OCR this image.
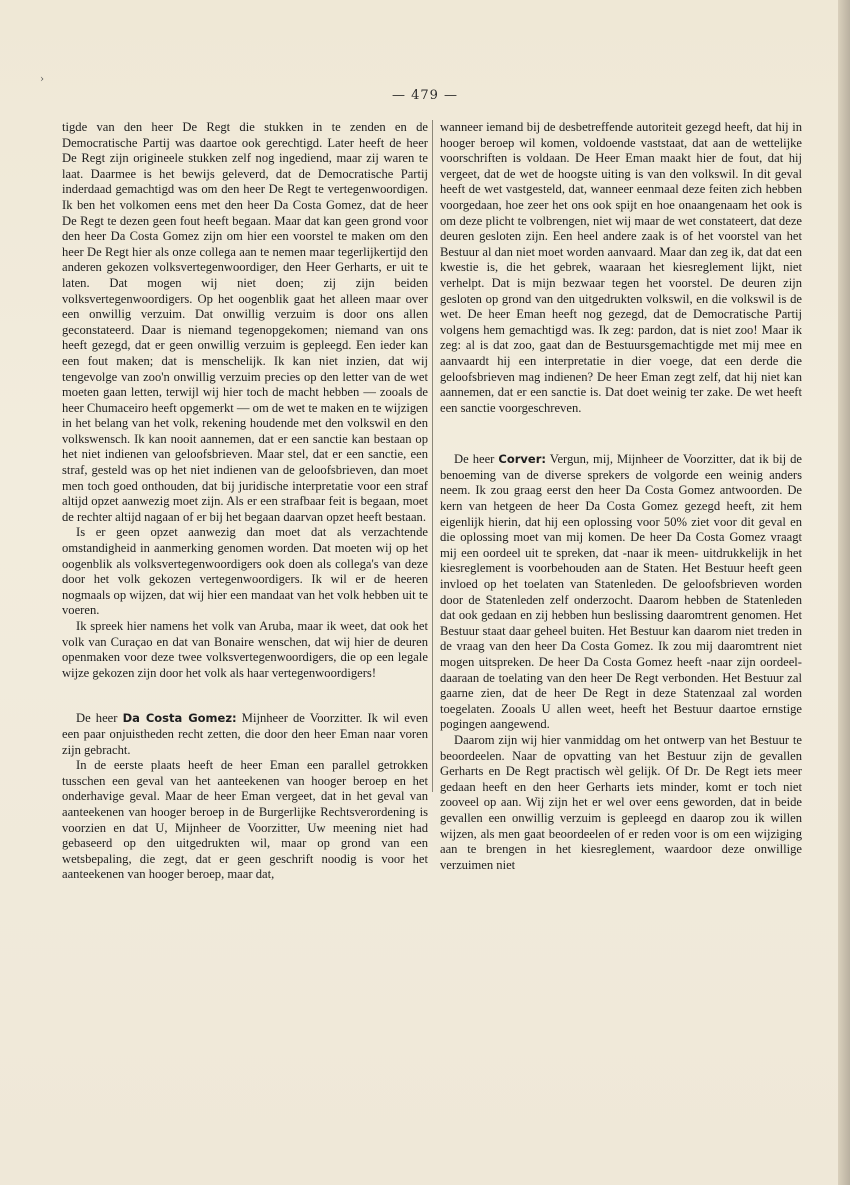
›
— 479 —

tigde van den heer De Regt die stukken in te zenden en de Democratische Partij was daartoe ook gerechtigd. Later heeft de heer De Regt zijn origineele stukken zelf nog ingediend, maar zij waren te laat. Daarmee is het bewijs geleverd, dat de Democratische Partij inderdaad gemachtigd was om den heer De Regt te vertegenwoordigen. Ik ben het volkomen eens met den heer Da Costa Gomez, dat de heer De Regt te dezen geen fout heeft begaan. Maar dat kan geen grond voor den heer Da Costa Gomez zijn om hier een voorstel te maken om den heer De Regt hier als onze collega aan te nemen maar tegerlijkertijd den anderen gekozen volksvertegenwoordiger, den Heer Gerharts, er uit te laten. Dat mogen wij niet doen; zij zijn beiden volksvertegenwoordigers. Op het oogenblik gaat het alleen maar over een onwillig verzuim. Dat onwillig verzuim is door ons allen geconstateerd. Daar is niemand tegenopgekomen; niemand van ons heeft gezegd, dat er geen onwillig verzuim is gepleegd. Een ieder kan een fout maken; dat is menschelijk. Ik kan niet inzien, dat wij tengevolge van zoo'n onwillig verzuim precies op den letter van de wet moeten gaan letten, terwijl wij hier toch de macht hebben — zooals de heer Chumaceiro heeft opgemerkt — om de wet te maken en te wijzigen in het belang van het volk, rekening houdende met den volkswil en den volkswensch. Ik kan nooit aannemen, dat er een sanctie kan bestaan op het niet indienen van geloofsbrieven. Maar stel, dat er een sanctie, een straf, gesteld was op het niet indienen van de geloofsbrieven, dan moet men toch goed onthouden, dat bij juridische interpretatie voor een straf altijd opzet aanwezig moet zijn. Als er een strafbaar feit is begaan, moet de rechter altijd nagaan of er bij het begaan daarvan opzet heeft bestaan.

Is er geen opzet aanwezig dan moet dat als verzachtende omstandigheid in aanmerking genomen worden. Dat moeten wij op het oogenblik als volksvertegenwoordigers ook doen als collega's van deze door het volk gekozen vertegenwoordigers. Ik wil er de heeren nogmaals op wijzen, dat wij hier een mandaat van het volk hebben uit te voeren.

Ik spreek hier namens het volk van Aruba, maar ik weet, dat ook het volk van Curaçao en dat van Bonaire wenschen, dat wij hier de deuren openmaken voor deze twee volksvertegenwoordigers, die op een legale wijze gekozen zijn door het volk als haar vertegenwoordigers!

De heer Da Costa Gomez: Mijnheer de Voorzitter. Ik wil even een paar onjuistheden recht zetten, die door den heer Eman naar voren zijn gebracht.

In de eerste plaats heeft de heer Eman een parallel getrokken tusschen een geval van het aanteekenen van hooger beroep en het onderhavige geval. Maar de heer Eman vergeet, dat in het geval van aanteekenen van hooger beroep in de Burgerlijke Rechtsverordening is voorzien en dat U, Mijnheer de Voorzitter, Uw meening niet had gebaseerd op den uitgedrukten wil, maar op grond van een wetsbepaling, die zegt, dat er geen geschrift noodig is voor het aanteekenen van hooger beroep, maar dat,

wanneer iemand bij de desbetreffende autoriteit gezegd heeft, dat hij in hooger beroep wil komen, voldoende vaststaat, dat aan de wettelijke voorschriften is voldaan. De Heer Eman maakt hier de fout, dat hij vergeet, dat de wet de hoogste uiting is van den volkswil. In dit geval heeft de wet vastgesteld, dat, wanneer eenmaal deze feiten zich hebben voorgedaan, hoe zeer het ons ook spijt en hoe onaangenaam het ook is om deze plicht te volbrengen, niet wij maar de wet constateert, dat deze deuren gesloten zijn. Een heel andere zaak is of het voorstel van het Bestuur al dan niet moet worden aanvaard. Maar dan zeg ik, dat dat een kwestie is, die het gebrek, waaraan het kiesreglement lijkt, niet verhelpt. Dat is mijn bezwaar tegen het voorstel. De deuren zijn gesloten op grond van den uitgedrukten volkswil, en die volkswil is de wet. De heer Eman heeft nog gezegd, dat de Democratische Partij volgens hem gemachtigd was. Ik zeg: pardon, dat is niet zoo! Maar ik zeg: al is dat zoo, gaat dan de Bestuursgemachtigde met mij mee en aanvaardt hij een interpretatie in dier voege, dat een derde die geloofsbrieven mag indienen? De heer Eman zegt zelf, dat hij niet kan aannemen, dat er een sanctie is. Dat doet weinig ter zake. De wet heeft een sanctie voorgeschreven.

De heer Corver: Vergun, mij, Mijnheer de Voorzitter, dat ik bij de benoeming van de diverse sprekers de volgorde een weinig anders neem. Ik zou graag eerst den heer Da Costa Gomez antwoorden. De kern van hetgeen de heer Da Costa Gomez gezegd heeft, zit hem eigenlijk hierin, dat hij een oplossing voor 50% ziet voor dit geval en die oplossing moet van mij komen. De heer Da Costa Gomez vraagt mij een oordeel uit te spreken, dat -naar ik meen- uitdrukkelijk in het kiesreglement is voorbehouden aan de Staten. Het Bestuur heeft geen invloed op het toelaten van Statenleden. De geloofsbrieven worden door de Statenleden zelf onderzocht. Daarom hebben de Statenleden dat ook gedaan en zij hebben hun beslissing daaromtrent genomen. Het Bestuur staat daar geheel buiten. Het Bestuur kan daarom niet treden in de vraag van den heer Da Costa Gomez. Ik zou mij daaromtrent niet mogen uitspreken. De heer Da Costa Gomez heeft -naar zijn oordeel- daaraan de toelating van den heer De Regt verbonden. Het Bestuur zal gaarne zien, dat de heer De Regt in deze Statenzaal zal worden toegelaten. Zooals U allen weet, heeft het Bestuur daartoe ernstige pogingen aangewend.

Daarom zijn wij hier vanmiddag om het ontwerp van het Bestuur te beoordeelen. Naar de opvatting van het Bestuur zijn de gevallen Gerharts en De Regt practisch wèl gelijk. Of Dr. De Regt iets meer gedaan heeft en den heer Gerharts iets minder, komt er toch niet zooveel op aan. Wij zijn het er wel over eens geworden, dat in beide gevallen een onwillig verzuim is gepleegd en daarop zou ik willen wijzen, als men gaat beoordeelen of er reden voor is om een wijziging aan te brengen in het kiesreglement, waardoor deze onwillige verzuimen niet
